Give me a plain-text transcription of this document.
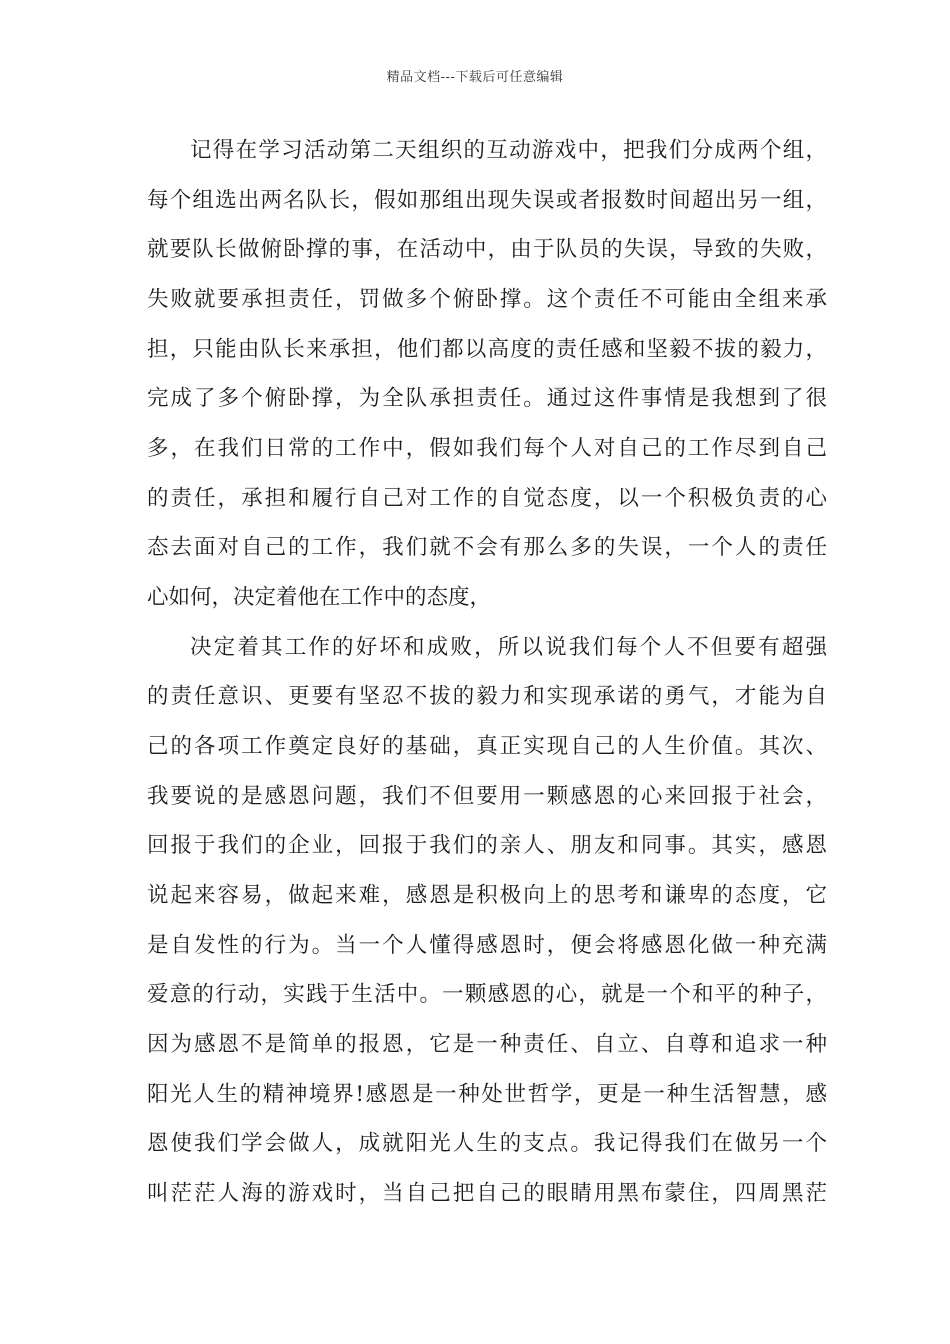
精品文档---下载后可任意编辑
记得在学习活动第二天组织的互动游戏中，把我们分成两个组，
每个组选出两名队长，假如那组出现失误或者报数时间超出另一组，
就要队长做俯卧撑的事，在活动中，由于队员的失误，导致的失败，
失败就要承担责任，罚做多个俯卧撑。这个责任不可能由全组来承
担，只能由队长来承担，他们都以高度的责任感和坚毅不拔的毅力，
完成了多个俯卧撑，为全队承担责任。通过这件事情是我想到了很
多，在我们日常的工作中，假如我们每个人对自己的工作尽到自己
的责任，承担和履行自己对工作的自觉态度，以一个积极负责的心
态去面对自己的工作，我们就不会有那么多的失误，一个人的责任
心如何，决定着他在工作中的态度，
决定着其工作的好坏和成败，所以说我们每个人不但要有超强
的责任意识、更要有坚忍不拔的毅力和实现承诺的勇气，才能为自
己的各项工作奠定良好的基础，真正实现自己的人生价值。其次、
我要说的是感恩问题，我们不但要用一颗感恩的心来回报于社会，
回报于我们的企业，回报于我们的亲人、朋友和同事。其实，感恩
说起来容易，做起来难，感恩是积极向上的思考和谦卑的态度，它
是自发性的行为。当一个人懂得感恩时，便会将感恩化做一种充满
爱意的行动，实践于生活中。一颗感恩的心，就是一个和平的种子，
因为感恩不是简单的报恩，它是一种责任、自立、自尊和追求一种
阳光人生的精神境界!感恩是一种处世哲学，更是一种生活智慧，感
恩使我们学会做人，成就阳光人生的支点。我记得我们在做另一个
叫茫茫人海的游戏时，当自己把自己的眼睛用黑布蒙住，四周黑茫
